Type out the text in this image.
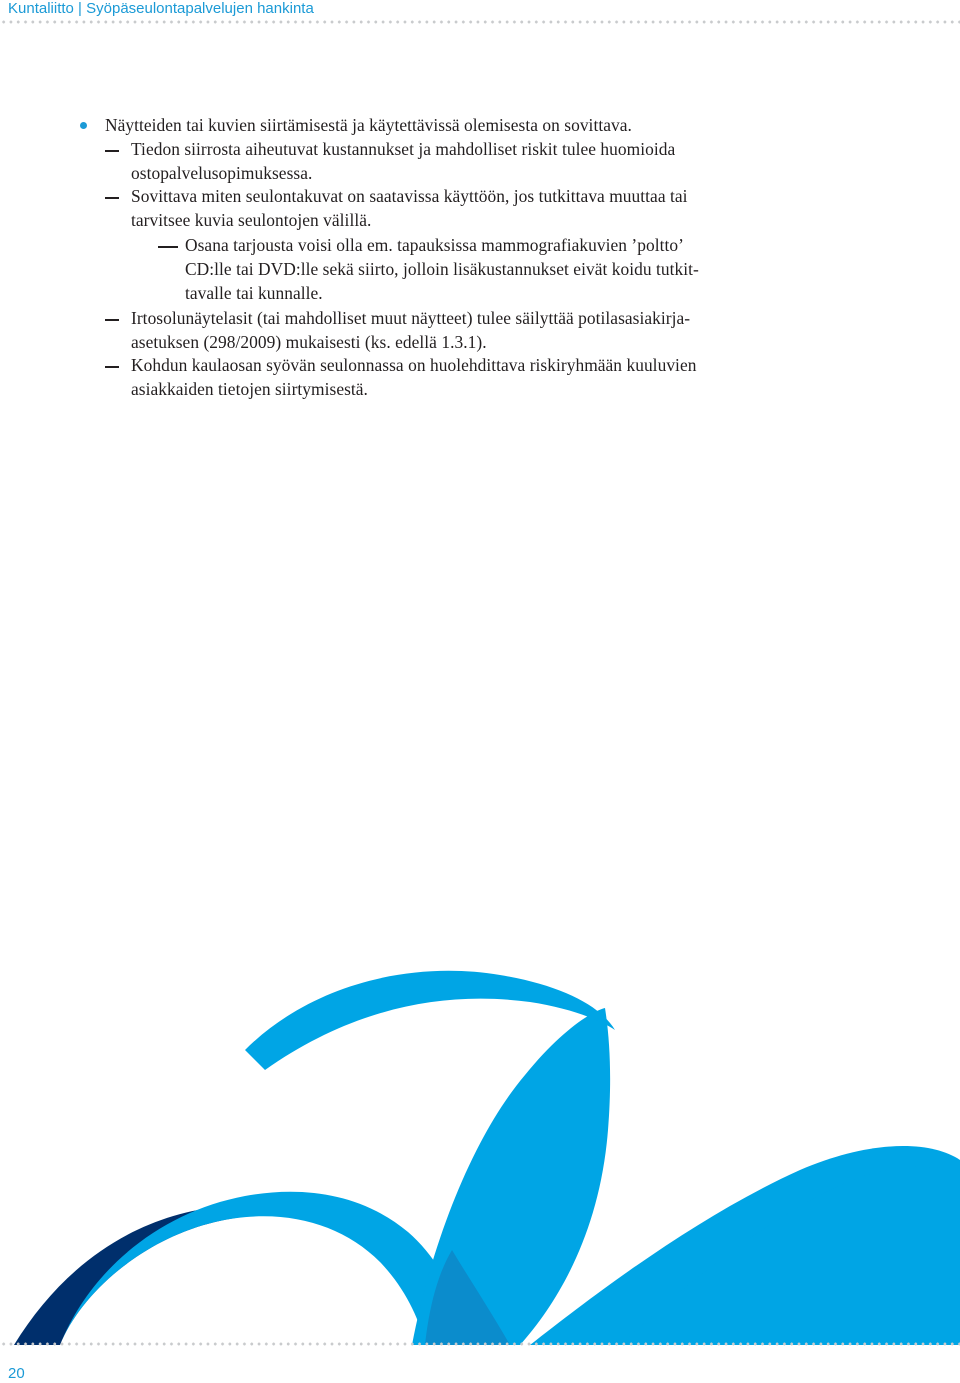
Kuntaliitto | Syöpäseulontapalvelujen hankinta
Näytteiden tai kuvien siirtämisestä ja käytettävissä olemisesta on sovittava.
Tiedon siirrosta aiheutuvat kustannukset ja mahdolliset riskit tulee huomioida
ostopalvelusopimuksessa.
Sovittava miten seulontakuvat on saatavissa käyttöön, jos tutkittava muuttaa tai
tarvitsee kuvia seulontojen välillä.
Osana tarjousta voisi olla em. tapauksissa mammografiakuvien ’poltto’
CD:lle tai DVD:lle sekä siirto, jolloin lisäkustannukset eivät koidu tutkit-
tavalle tai kunnalle.
Irtosolunäytelasit (tai mahdolliset muut näytteet) tulee säilyttää potilasasiakirja-
asetuksen (298/2009) mukaisesti (ks. edellä 1.3.1).
Kohdun kaulaosan syövän seulonnassa on huolehdittava riskiryhmään kuuluvien
asiakkaiden tietojen siirtymisestä.
20
